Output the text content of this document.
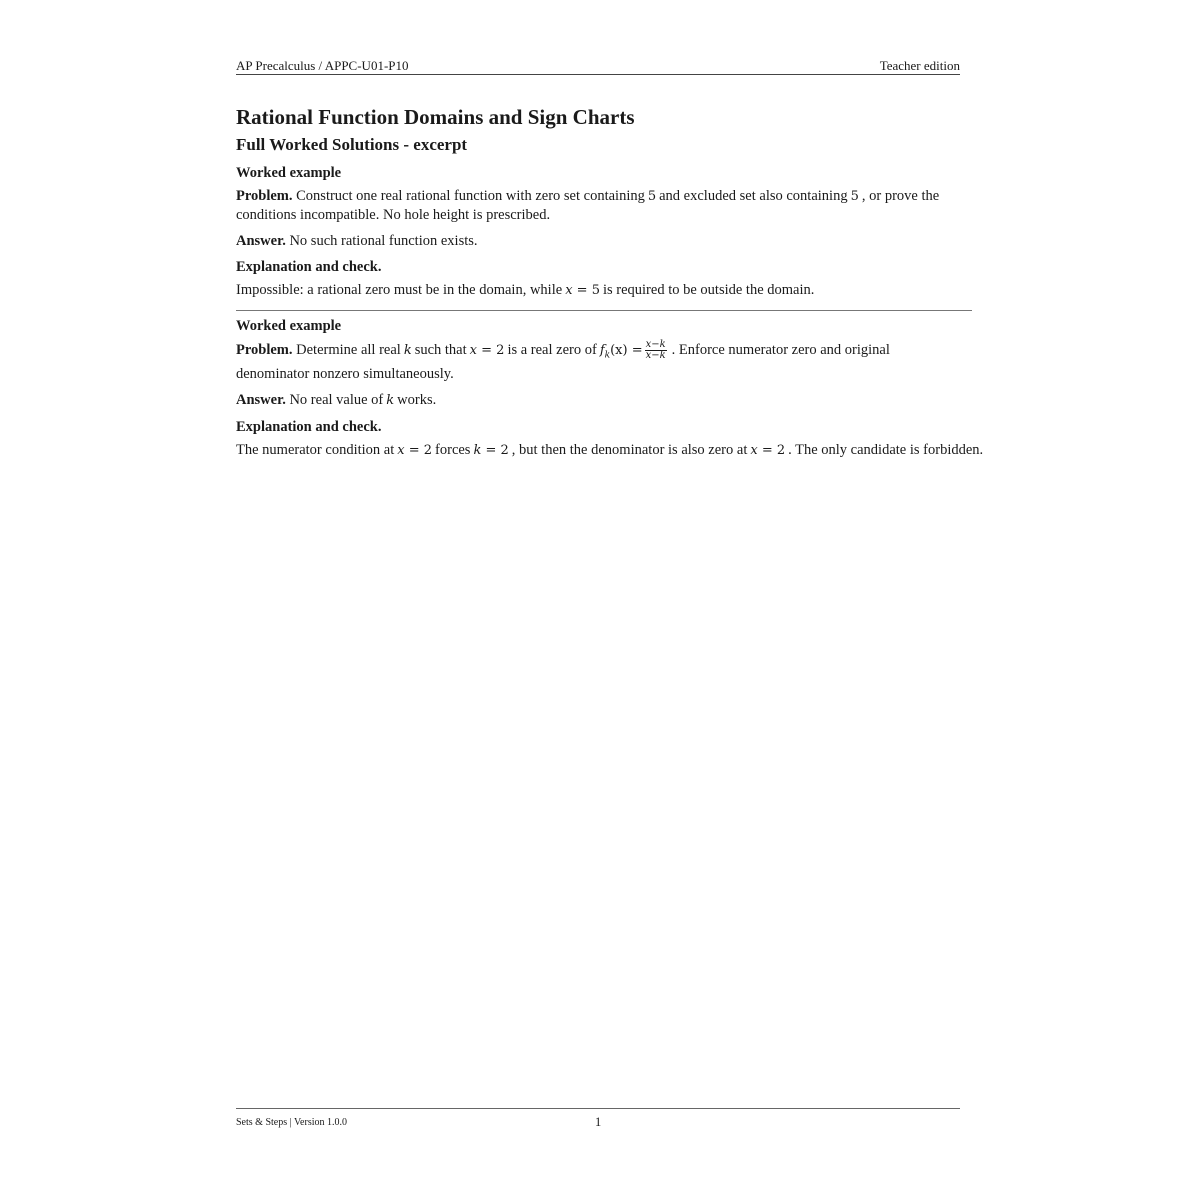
AP Precalculus / APPC-U01-P10	Teacher edition
Rational Function Domains and Sign Charts
Full Worked Solutions - excerpt
Worked example

Problem. Construct one real rational function with zero set containing 5 and excluded set also containing 5 , or prove the conditions incompatible. No hole height is prescribed.

Answer. No such rational function exists.

Explanation and check.

Impossible: a rational zero must be in the domain, while x = 5 is required to be outside the domain.

Worked example

Problem. Determine all real k such that x = 2 is a real zero of $f_k(x) = \frac{x-k}{x-k}$ . Enforce numerator zero and original denominator nonzero simultaneously.

Answer. No real value of k works.

Explanation and check.

The numerator condition at x = 2 forces k = 2 , but then the denominator is also zero at x = 2 . The only candidate is forbidden.

Sets & Steps | Version 1.0.0	1
